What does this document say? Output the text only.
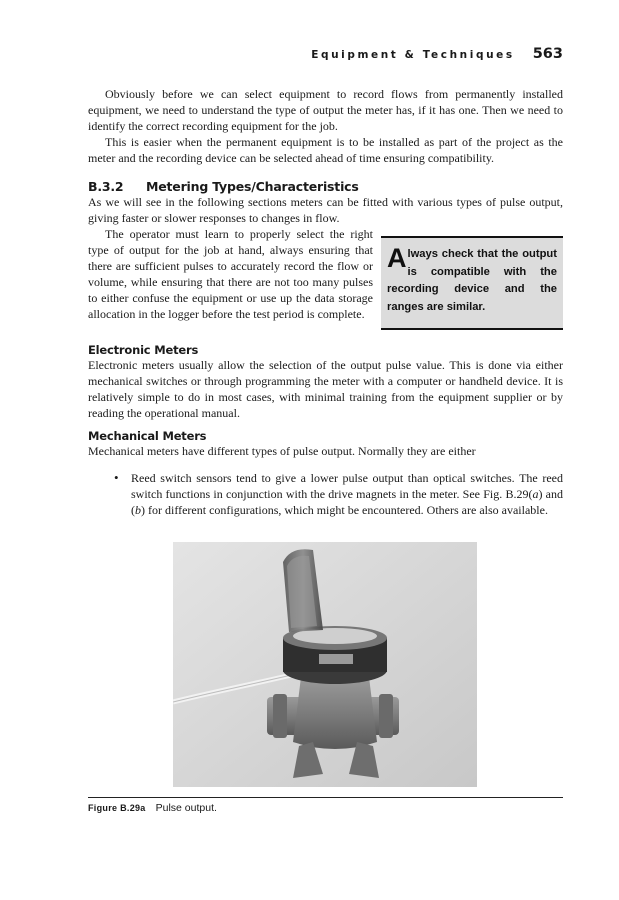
Equipment & Techniques 563

Obviously before we can select equipment to record flows from permanently installed equipment, we need to understand the type of output the meter has, if it has one. Then we need to identify the correct recording equipment for the job.

This is easier when the permanent equipment is to be installed as part of the project as the meter and the recording device can be selected ahead of time ensuring compatibility.

B.3.2 Metering Types/Characteristics

As we will see in the following sections meters can be fitted with various types of pulse output, giving faster or slower responses to changes in flow.

The operator must learn to properly select the right type of output for the job at hand, always ensuring that there are sufficient pulses to accurately record the flow or volume, while ensuring that there are not too many pulses to either confuse the equipment or use up the data storage allocation in the logger before the test period is complete.
Always check that the output is compatible with the recording device and the ranges are similar.
Electronic Meters
Electronic meters usually allow the selection of the output pulse value. This is done via either mechanical switches or through programming the meter with a computer or handheld device. It is relatively simple to do in most cases, with minimal training from the equipment supplier or by reading the operational manual.
Mechanical Meters
Mechanical meters have different types of pulse output. Normally they are either
• Reed switch sensors tend to give a lower pulse output than optical switches. The reed switch functions in conjunction with the drive magnets in the meter. See Fig. B.29(a) and (b) for different configurations, which might be encountered. Others are also available.
Figure B.29a Pulse output.
